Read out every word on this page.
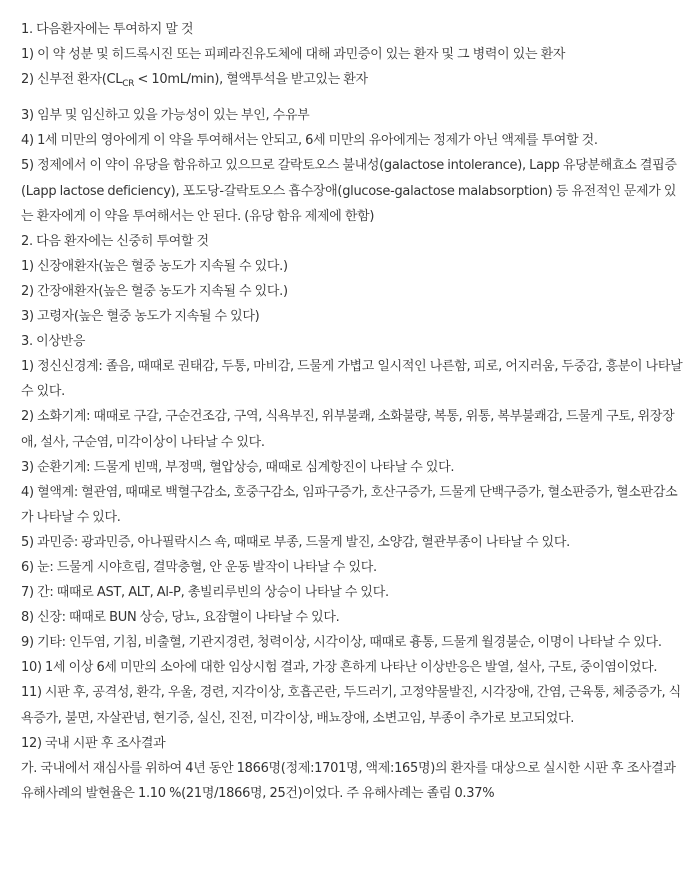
1. 다음환자에는 투여하지 말 것

1) 이 약 성분 및 히드록시진 또는 피페라진유도체에 대해 과민증이 있는 환자 및 그 병력이 있는 환자

2) 신부전 환자$(CL_{CR} < 10mL/\min)$, 혈액투석을 받고있는 환자

3) 임부 및 임신하고 있을 가능성이 있는 부인, 수유부

4) 1세 미만의 영아에게 이 약을 투여해서는 안되고, 6세 미만의 유아에게는 정제가 아닌 액제를 투여할 것.

5) 정제에서 이 약이 유당을 함유하고 있으므로 갈락토오스 불내성(galactose intolerance), Lapp 유당분해효소 결핍증(Lapp lactose deficiency), 포도당-갈락토오스 흡수장애(glucose-galactose malabsorption) 등 유전적인 문제가 있는 환자에게 이 약을 투여해서는 안 된다. (유당 함유 제제에 한함)

2. 다음 환자에는 신중히 투여할 것

1) 신장애환자(높은 혈중 농도가 지속될 수 있다.)

2) 간장애환자(높은 혈중 농도가 지속될 수 있다.)

3) 고령자(높은 혈중 농도가 지속될 수 있다)

3. 이상반응

1) 정신신경계: 졸음, 때때로 권태감, 두통, 마비감, 드물게 가볍고 일시적인 나른함, 피로, 어지러움, 두중감, 흥분이 나타날 수 있다.

2) 소화기계: 때때로 구갈, 구순건조감, 구역, 식욕부진, 위부불쾌, 소화불량, 복통, 위통, 복부불쾌감, 드물게 구토, 위장장애, 설사, 구순염, 미각이상이 나타날 수 있다.

3) 순환기계: 드물게 빈맥, 부정맥, 혈압상승, 때때로 심계항진이 나타날 수 있다.

4) 혈액계: 혈관염, 때때로 백혈구감소, 호중구감소, 임파구증가, 호산구증가, 드물게 단백구증가, 혈소판증가, 혈소판감소가 나타날 수 있다.

5) 과민증: 광과민증, 아나필락시스 쇽, 때때로 부종, 드물게 발진, 소양감, 혈관부종이 나타날 수 있다.

6) 눈: 드물게 시야흐림, 결막충혈, 안 운동 발작이 나타날 수 있다.

7) 간: 때때로 AST, ALT, Al-P, 총빌리루빈의 상승이 나타날 수 있다.

8) 신장: 때때로 BUN 상승, 당뇨, 요잠혈이 나타날 수 있다.

9) 기타: 인두염, 기침, 비출혈, 기관지경련, 청력이상, 시각이상, 때때로 흉통, 드물게 월경불순, 이명이 나타날 수 있다.

10) 1세 이상 6세 미만의 소아에 대한 임상시험 결과, 가장 흔하게 나타난 이상반응은 발열, 설사, 구토, 중이염이었다.

11) 시판 후, 공격성, 환각, 우울, 경련, 지각이상, 호흡곤란, 두드러기, 고정약물발진, 시각장애, 간염, 근육통, 체중증가, 식욕증가, 불면, 자살관념, 현기증, 실신, 진전, 미각이상, 배뇨장애, 소변고임, 부종이 추가로 보고되었다.

12) 국내 시판 후 조사결과

가. 국내에서 재심사를 위하여 4년 동안 1866명(정제:1701명, 액제:165명)의 환자를 대상으로 실시한 시판 후 조사결과 유해사례의 발현율은 1.10 %(21명/1866명, 25건)이었다. 주 유해사례는 졸림 0.37%
